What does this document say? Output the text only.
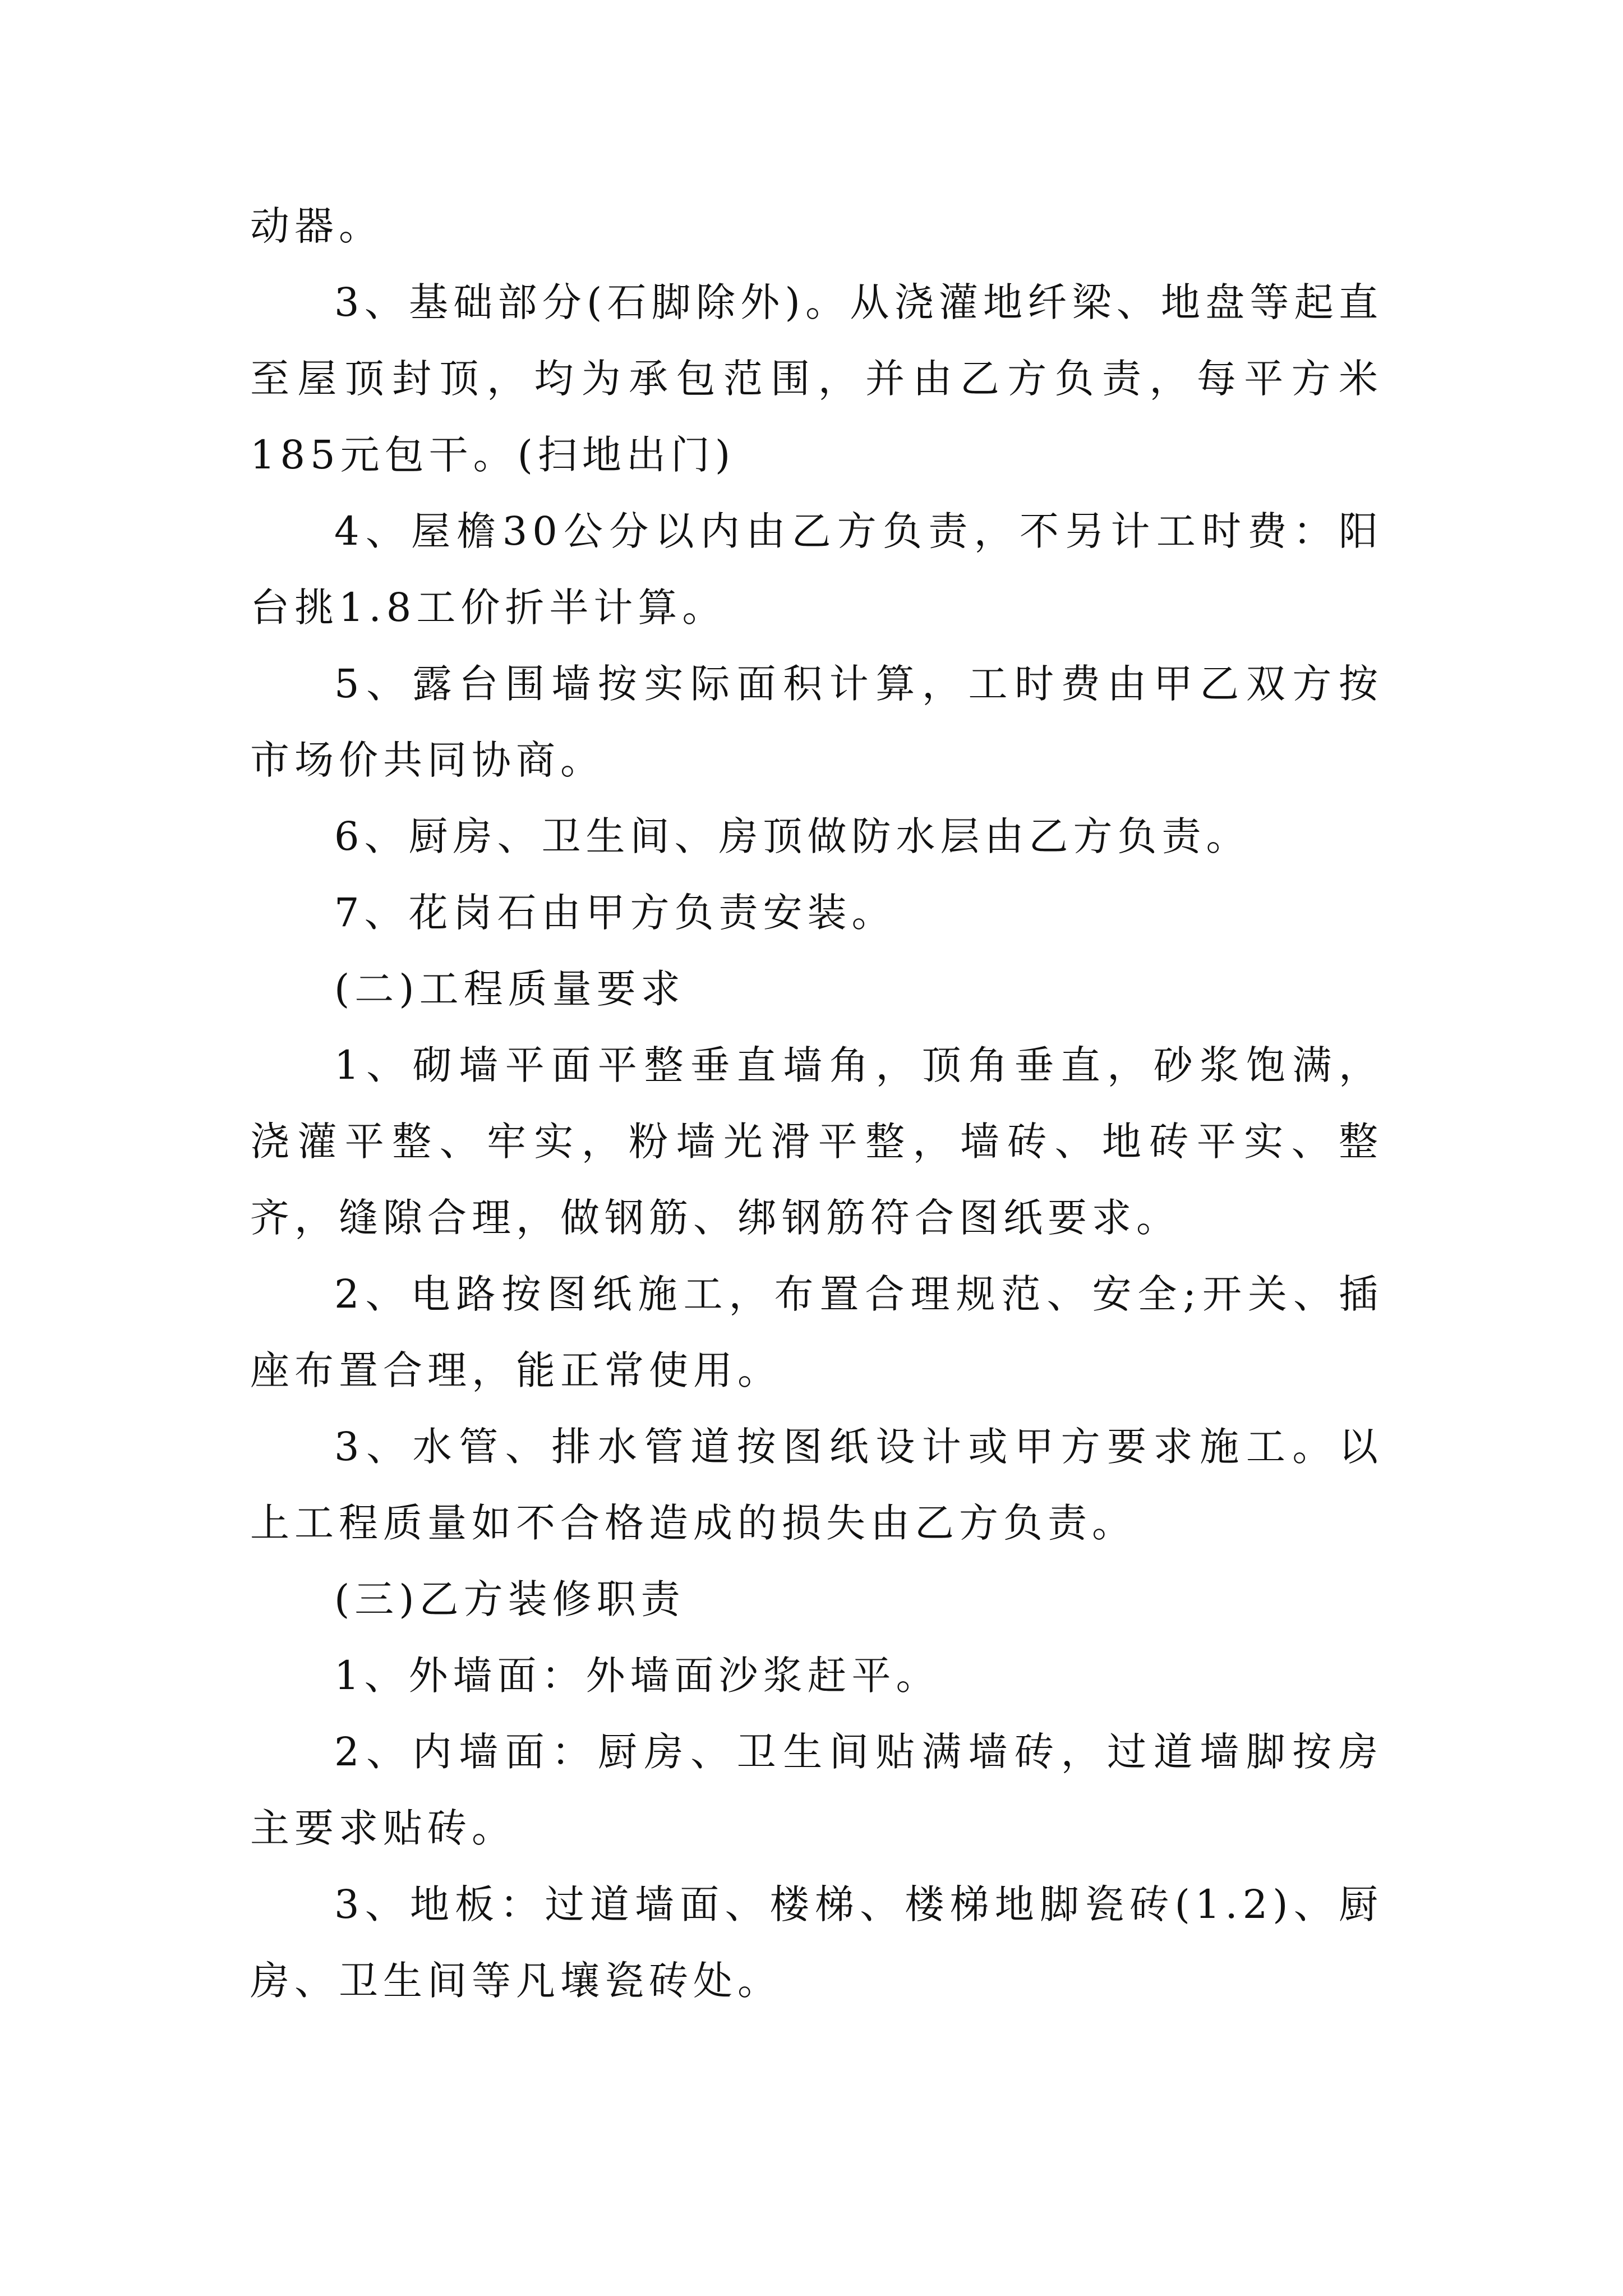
动器。

3、基础部分(石脚除外)。从浇灌地纤梁、地盘等起直至屋顶封顶，均为承包范围，并由乙方负责，每平方米185元包干。(扫地出门)

4、屋檐30公分以内由乙方负责，不另计工时费：阳台挑1.8工价折半计算。

5、露台围墙按实际面积计算，工时费由甲乙双方按市场价共同协商。

6、厨房、卫生间、房顶做防水层由乙方负责。

7、花岗石由甲方负责安装。

(二)工程质量要求

1、砌墙平面平整垂直墙角，顶角垂直，砂浆饱满，浇灌平整、牢实，粉墙光滑平整，墙砖、地砖平实、整齐，缝隙合理，做钢筋、绑钢筋符合图纸要求。

2、电路按图纸施工，布置合理规范、安全;开关、插座布置合理，能正常使用。

3、水管、排水管道按图纸设计或甲方要求施工。以上工程质量如不合格造成的损失由乙方负责。

(三)乙方装修职责

1、外墙面：外墙面沙浆赶平。

2、内墙面：厨房、卫生间贴满墙砖，过道墙脚按房主要求贴砖。

3、地板：过道墙面、楼梯、楼梯地脚瓷砖(1.2)、厨房、卫生间等凡壤瓷砖处。
